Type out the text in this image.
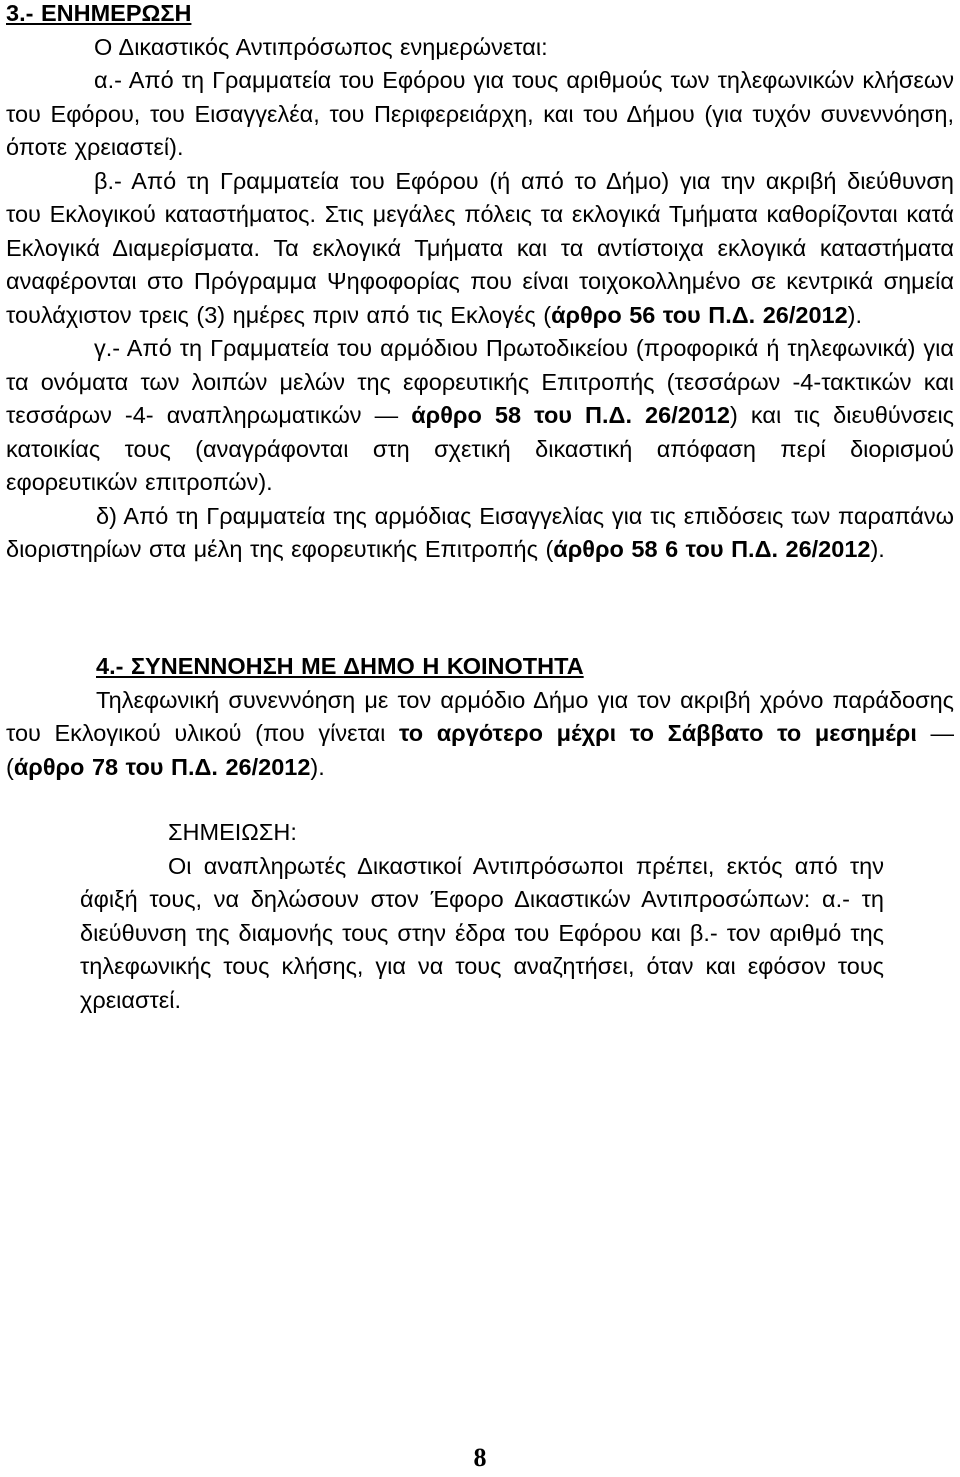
3.- ΕΝΗΜΕΡΩΣΗ

Ο Δικαστικός Αντιπρόσωπος ενημερώνεται:

α.- Από τη Γραμματεία του Εφόρου για τους αριθμούς των τηλεφωνικών κλήσεων του Εφόρου, του Εισαγγελέα, του Περιφερειάρχη, και του Δήμου (για τυχόν συνεννόηση, όποτε χρειαστεί).

β.- Από τη Γραμματεία του Εφόρου (ή από το Δήμο) για την ακριβή διεύθυνση του Εκλογικού καταστήματος. Στις μεγάλες πόλεις τα εκλογικά Τμήματα καθορίζονται κατά Εκλογικά Διαμερίσματα. Τα εκλογικά Τμήματα και τα αντίστοιχα εκλογικά καταστήματα αναφέρονται στο Πρόγραμμα Ψηφοφορίας που είναι τοιχοκολλημένο σε κεντρικά σημεία τουλάχιστον τρεις (3) ημέρες πριν από τις Εκλογές (άρθρο 56 του Π.Δ. 26/2012).

γ.- Από τη Γραμματεία του αρμόδιου Πρωτοδικείου (προφορικά ή τηλεφωνικά) για τα ονόματα των λοιπών μελών της εφορευτικής Επιτροπής (τεσσάρων -4-τακτικών και τεσσάρων -4- αναπληρωματικών — άρθρο 58 του Π.Δ. 26/2012) και τις διευθύνσεις κατοικίας τους (αναγράφονται στη σχετική δικαστική απόφαση περί διορισμού εφορευτικών επιτροπών).

δ) Από τη Γραμματεία της αρμόδιας Εισαγγελίας για τις επιδόσεις των παραπάνω διοριστηρίων στα μέλη της εφορευτικής Επιτροπής (άρθρο 58 6 του Π.Δ. 26/2012).

4.- ΣΥΝΕΝΝΟΗΣΗ ΜΕ ΔΗΜΟ Η ΚΟΙΝΟΤΗΤΑ

Τηλεφωνική συνεννόηση με τον αρμόδιο Δήμο για τον ακριβή χρόνο παράδοσης του Εκλογικού υλικού (που γίνεται το αργότερο μέχρι το Σάββατο το μεσημέρι — (άρθρο 78 του Π.Δ. 26/2012).

ΣΗΜΕΙΩΣΗ:

Οι αναπληρωτές Δικαστικοί Αντιπρόσωποι πρέπει, εκτός από την άφιξή τους, να δηλώσουν στον Έφορο Δικαστικών Αντιπροσώπων: α.- τη διεύθυνση της διαμονής τους στην έδρα του Εφόρου και β.- τον αριθμό της τηλεφωνικής τους κλήσης, για να τους αναζητήσει, όταν και εφόσον τους χρειαστεί.

8
